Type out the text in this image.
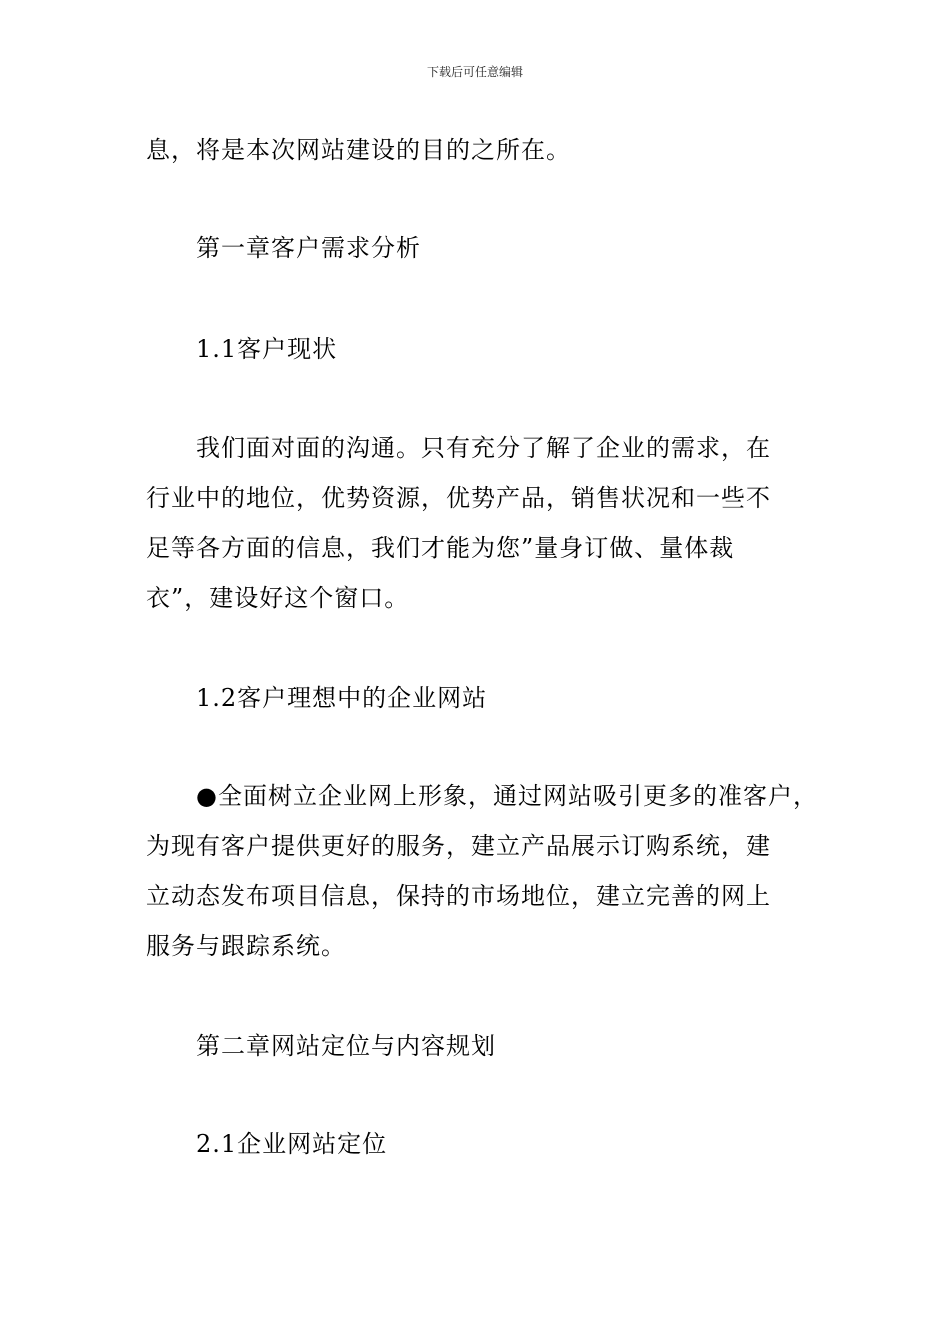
下载后可任意编辑
息，将是本次网站建设的目的之所在。
第一章客户需求分析
1.1客户现状
我们面对面的沟通。只有充分了解了企业的需求，在
行业中的地位，优势资源，优势产品，销售状况和一些不
足等各方面的信息，我们才能为您”量身订做、量体裁
衣”，建设好这个窗口。
1.2客户理想中的企业网站
●全面树立企业网上形象，通过网站吸引更多的准客户，
为现有客户提供更好的服务，建立产品展示订购系统，建
立动态发布项目信息，保持的市场地位，建立完善的网上
服务与跟踪系统。
第二章网站定位与内容规划
2.1企业网站定位
